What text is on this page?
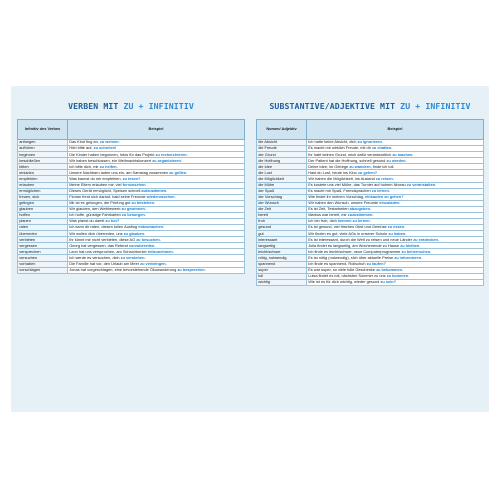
VERBEN MIT ZU + INFINITIV
Infinitiv des Verbes	Beispiel
anfangen	Das Kind fing an, zu weinen.
aufhören	Hört bitte auf, zu schreien!
beginnen	Die Kinder haben begonnen, Infos für das Projekt zu recherchieren.
beschließen	Wir haben beschlossen, ein Weihnachtskonzert zu organisieren.
bitten	Ich bitte dich, mir zu helfen.
einladen	Unsere Nachbarn laden uns ein, am Samstag zusammen zu grillen.
empfehlen	Was kannst du mir empfehlen, zu lesen?
erlauben	Meine Eltern erlauben mir, viel fernzusehen.
ermöglichen	Dieses Gerät ermöglicht, Speisen schnell aufzuwärmen.
freuen, sich	Florian freut sich darauf, bald seine Freunde wiederzusehen.
gelingen	Mir ist es gelungen, die Prüfung gut zu bestehen.
glauben	Wir glauben, den Wettbewerb zu gewinnen.
hoffen	Ich hoffe, günstige Fahrkarten zu besorgen.
planen	Was planst du damit zu tun?
raten	Ich kann dir raten, diesen tollen Ausflug mitzumachen.
überreden	Wir wollen dich überreden, uns zu glauben.
verbieten	Ihr könnt mir nicht verbieten, diese AG zu besuchen.
vergessen	Georg hat vergessen, das Referat vorzubereiten.
versprechen	Leon hat uns versprochen, am Schachturnier teilzunehmen.
versuchen	Ich werde es versuchen, dich zu verstehen.
vorhaben	Die Familie hat vor, den Urlaub am Meer zu verbringen.
vorschlagen	Jonas hat vorgeschlagen, eine bevorstehende Ökowanderung zu besprechen.
SUBSTANTIVE/ADJEKTIVE MIT ZU + INFINITIV
Nomen/ Adjektiv	Beispiel
die Absicht	Ich hatte keine Absicht, dich zu ignorieren.
die Freude	Es macht mir wirklich Freude, mit dir zu chatten.
der Grund	Ihr habt keinen Grund, mich dafür verantwortlich zu machen.
die Hoffnung	Der Patient hat die Hoffnung, schnell gesund zu werden.
die Idee	Deine Idee, im Gebirge zu wandern, finde ich toll.
die Lust	Hast du Lust, heute ins Kino zu gehen?
die Möglichkeit	Wir haben die Möglichkeit, ins Ausland zu reisen.
die Mühe	Es kostete uns viel Mühe, das Turnier auf hohem Niveau zu veranstalten.
der Spaß	Es macht mir Spaß, Fremdsprachen zu lernen.
der Vorschlag	Wie findet ihr meinen Vorschlag, einkaufen zu gehen?
der Wunsch	Wir haben den Wunsch, unsere Freunde einzuladen.
die Zeit	Es ist Zeit, Testarbeiten abzugeben.
bereit	Markus war bereit, mir zuzustimmen.
froh	Ich bin froh, dich kennen zu lernen.
gesund	Es ist gesund, viel frisches Obst und Gemüse zu essen.
gut	Wir finden es gut, viele AGs in unserer Schule zu haben.
interessant	Es ist interessant, durch die Welt zu reisen und neue Länder zu entdecken.
langweilig	Julia findet es langweilig, am Wochenende zu Hause zu bleiben.
leicht/schwer	Ich finde es leicht/schwer, neue Computerprogramme zu beherrschen.
nötig, notwendig	Es ist nötig (notwendig), sich über aktuelle Preise zu informieren.
spannend	Ich finde es spannend, Rollschuh zu laufen?
super	Es war super, so viele tolle Geschenke zu bekommen.
toll	Luisa findet es toll, nächsten Sommer zu uns zu kommen.
wichtig	Wie ist es für dich wichtig, wieder gesund zu sein?
